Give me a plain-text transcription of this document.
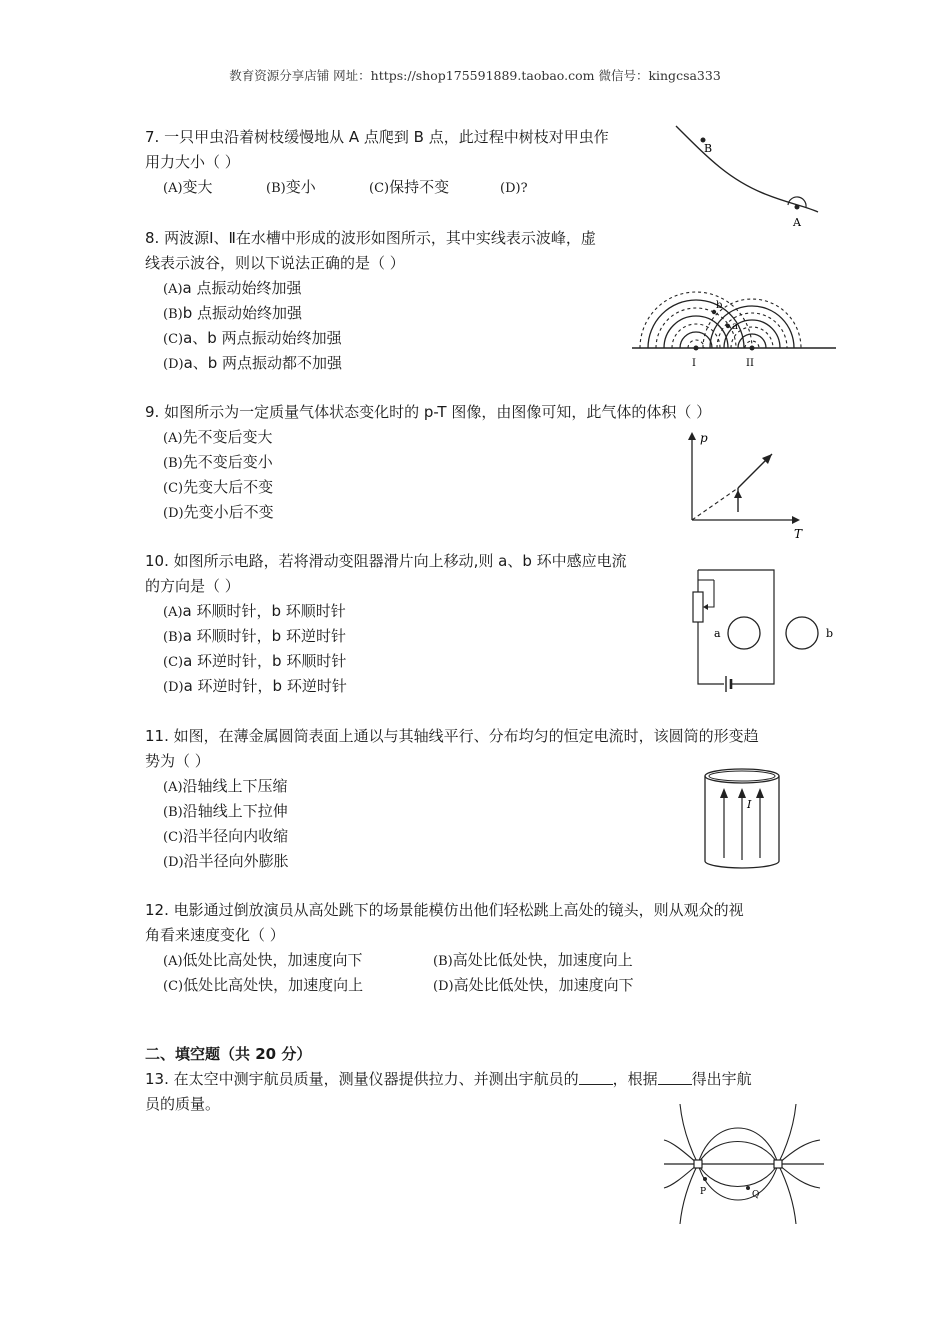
教育资源分享店铺 网址：https://shop175591889.taobao.com 微信号：kingcsa333
7. 一只甲虫沿着树枝缓慢地从 A 点爬到 B 点，此过程中树枝对甲虫作
用力大小（ ）
(A)变大	(B)变小	(C)保持不变	(D)?
B
A
8. 两波源Ⅰ、Ⅱ在水槽中形成的波形如图所示，其中实线表示波峰，虚
线表示波谷，则以下说法正确的是（ ）
(A)a 点振动始终加强
(B)b 点振动始终加强
(C)a、b 两点振动始终加强
(D)a、b 两点振动都不加强
b
a
I	II
9. 如图所示为一定质量气体状态变化时的 p-T 图像，由图像可知，此气体的体积（ ）
(A)先不变后变大
(B)先不变后变小
(C)先变大后不变
(D)先变小后不变
p
T
10. 如图所示电路，若将滑动变阻器滑片向上移动,则 a、b 环中感应电流
的方向是（ ）
(A)a 环顺时针，b 环顺时针
(B)a 环顺时针，b 环逆时针
(C)a 环逆时针，b 环顺时针
(D)a 环逆时针，b 环逆时针
a	b
11. 如图，在薄金属圆筒表面上通以与其轴线平行、分布均匀的恒定电流时，该圆筒的形变趋
势为（ ）
(A)沿轴线上下压缩
(B)沿轴线上下拉伸
(C)沿半径向内收缩
(D)沿半径向外膨胀
I
12. 电影通过倒放演员从高处跳下的场景能模仿出他们轻松跳上高处的镜头，则从观众的视
角看来速度变化（ ）
(A)低处比高处快，加速度向下	(B)高处比低处快，加速度向上
(C)低处比高处快，加速度向上	(D)高处比低处快，加速度向下
二、填空题（共 20 分）
13. 在太空中测宇航员质量，测量仪器提供拉力、并测出宇航员的 ，根据 得出宇航
员的质量。
P	Q
